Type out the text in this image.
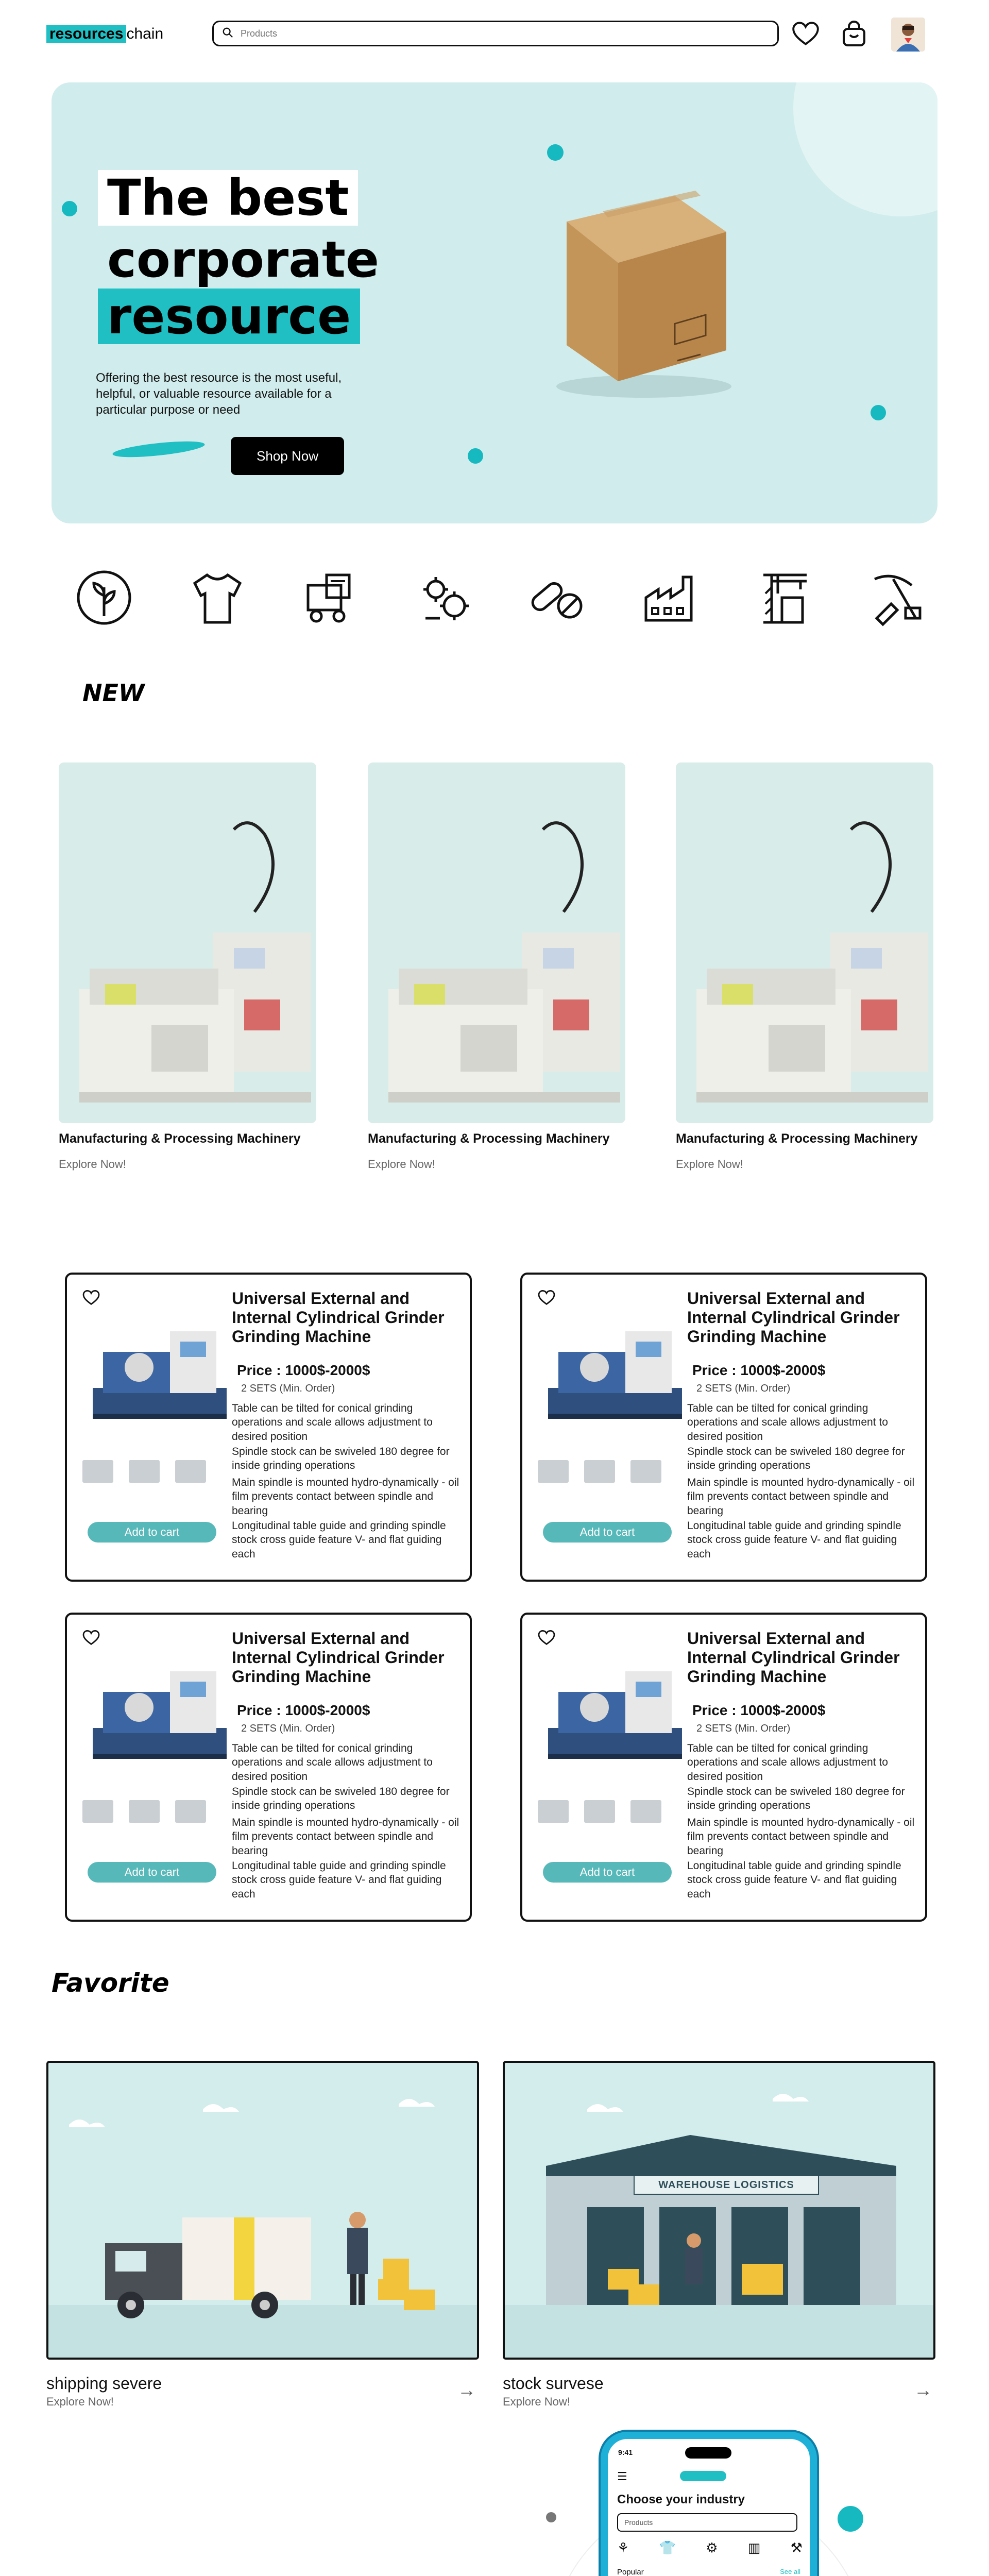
resources chain
Products
The best
corporate
resource

Offering the best resource is the most useful, helpful, or valuable resource available for a particular purpose or need

Shop Now
NEW
Manufacturing & Processing Machinery
Explore Now!
Manufacturing & Processing Machinery
Explore Now!
Manufacturing & Processing Machinery
Explore Now!
Add to cart
Universal External and Internal Cylindrical Grinder Grinding Machine
Price : 1000$-2000$
2 SETS (Min. Order)
Table can be tilted for conical grinding operations and scale allows adjustment to desired position
Spindle stock can be swiveled 180 degree for inside grinding operations
Main spindle is mounted hydro-dynamically - oil film prevents contact between spindle and bearing
Longitudinal table guide and grinding spindle stock cross guide feature V- and flat guiding each
Add to cart
Universal External and Internal Cylindrical Grinder Grinding Machine
Price : 1000$-2000$
2 SETS (Min. Order)
Table can be tilted for conical grinding operations and scale allows adjustment to desired position
Spindle stock can be swiveled 180 degree for inside grinding operations
Main spindle is mounted hydro-dynamically - oil film prevents contact between spindle and bearing
Longitudinal table guide and grinding spindle stock cross guide feature V- and flat guiding each
Add to cart
Universal External and Internal Cylindrical Grinder Grinding Machine
Price : 1000$-2000$
2 SETS (Min. Order)
Table can be tilted for conical grinding operations and scale allows adjustment to desired position
Spindle stock can be swiveled 180 degree for inside grinding operations
Main spindle is mounted hydro-dynamically - oil film prevents contact between spindle and bearing
Longitudinal table guide and grinding spindle stock cross guide feature V- and flat guiding each
Add to cart
Universal External and Internal Cylindrical Grinder Grinding Machine
Price : 1000$-2000$
2 SETS (Min. Order)
Table can be tilted for conical grinding operations and scale allows adjustment to desired position
Spindle stock can be swiveled 180 degree for inside grinding operations
Main spindle is mounted hydro-dynamically - oil film prevents contact between spindle and bearing
Longitudinal table guide and grinding spindle stock cross guide feature V- and flat guiding each
Favorite
shipping severe
Explore Now!
→
WAREHOUSE LOGISTICS
stock survese
Explore Now!
→

9:41
☰
Choose your industry
Products
⚘ 👕 ⚙ ▥ ⚒
Popular	See all
